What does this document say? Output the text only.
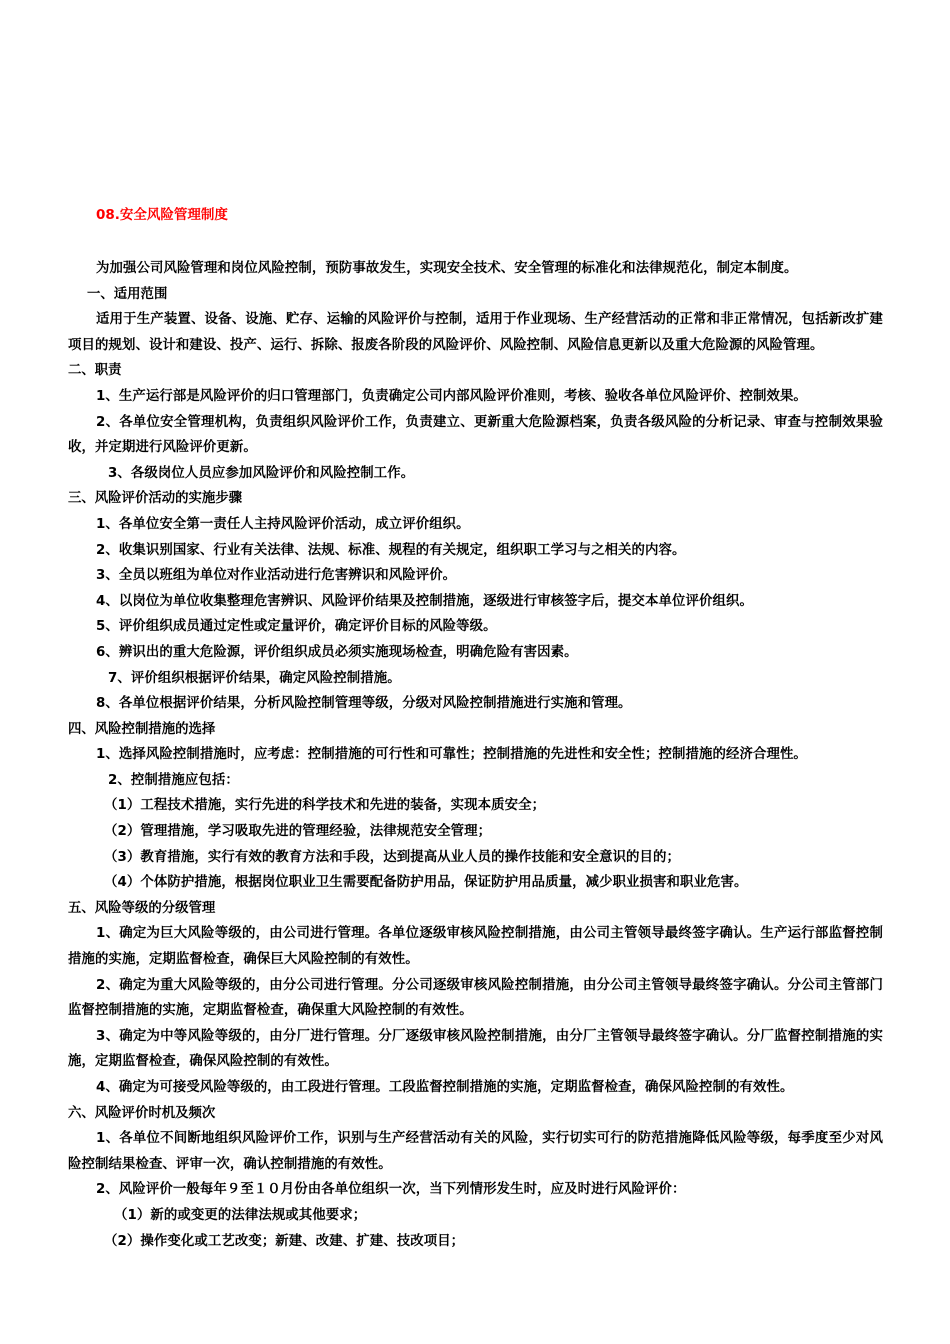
08.安全风险管理制度

为加强公司风险管理和岗位风险控制，预防事故发生，实现安全技术、安全管理的标准化和法律规范化，制定本制度。

一、适用范围

适用于生产装置、设备、设施、贮存、运输的风险评价与控制，适用于作业现场、生产经营活动的正常和非正常情况，包括新改扩建项目的规划、设计和建设、投产、运行、拆除、报废各阶段的风险评价、风险控制、风险信息更新以及重大危险源的风险管理。

二、职责

1、生产运行部是风险评价的归口管理部门，负责确定公司内部风险评价准则，考核、验收各单位风险评价、控制效果。

2、各单位安全管理机构，负责组织风险评价工作，负责建立、更新重大危险源档案，负责各级风险的分析记录、审查与控制效果验收，并定期进行风险评价更新。

3、各级岗位人员应参加风险评价和风险控制工作。

三、风险评价活动的实施步骤

1、各单位安全第一责任人主持风险评价活动，成立评价组织。

2、收集识别国家、行业有关法律、法规、标准、规程的有关规定，组织职工学习与之相关的内容。

3、全员以班组为单位对作业活动进行危害辨识和风险评价。

4、以岗位为单位收集整理危害辨识、风险评价结果及控制措施，逐级进行审核签字后，提交本单位评价组织。

5、评价组织成员通过定性或定量评价，确定评价目标的风险等级。

6、辨识出的重大危险源，评价组织成员必须实施现场检查，明确危险有害因素。

7、评价组织根据评价结果，确定风险控制措施。

8、各单位根据评价结果，分析风险控制管理等级，分级对风险控制措施进行实施和管理。

四、风险控制措施的选择

1、选择风险控制措施时，应考虑：控制措施的可行性和可靠性；控制措施的先进性和安全性；控制措施的经济合理性。

2、控制措施应包括：

（1）工程技术措施，实行先进的科学技术和先进的装备，实现本质安全；

（2）管理措施，学习吸取先进的管理经验，法律规范安全管理；

（3）教育措施，实行有效的教育方法和手段，达到提高从业人员的操作技能和安全意识的目的；

（4）个体防护措施，根据岗位职业卫生需要配备防护用品，保证防护用品质量，减少职业损害和职业危害。

五、风险等级的分级管理

1、确定为巨大风险等级的，由公司进行管理。各单位逐级审核风险控制措施，由公司主管领导最终签字确认。生产运行部监督控制措施的实施，定期监督检查，确保巨大风险控制的有效性。

2、确定为重大风险等级的，由分公司进行管理。分公司逐级审核风险控制措施，由分公司主管领导最终签字确认。分公司主管部门监督控制措施的实施，定期监督检查，确保重大风险控制的有效性。

3、确定为中等风险等级的，由分厂进行管理。分厂逐级审核风险控制措施，由分厂主管领导最终签字确认。分厂监督控制措施的实施，定期监督检查，确保风险控制的有效性。

4、确定为可接受风险等级的，由工段进行管理。工段监督控制措施的实施，定期监督检查，确保风险控制的有效性。

六、风险评价时机及频次

1、各单位不间断地组织风险评价工作，识别与生产经营活动有关的风险，实行切实可行的防范措施降低风险等级，每季度至少对风险控制结果检查、评审一次，确认控制措施的有效性。

2、风险评价一般每年９至１０月份由各单位组织一次，当下列情形发生时，应及时进行风险评价：

（1）新的或变更的法律法规或其他要求；

（2）操作变化或工艺改变；新建、改建、扩建、技改项目；
